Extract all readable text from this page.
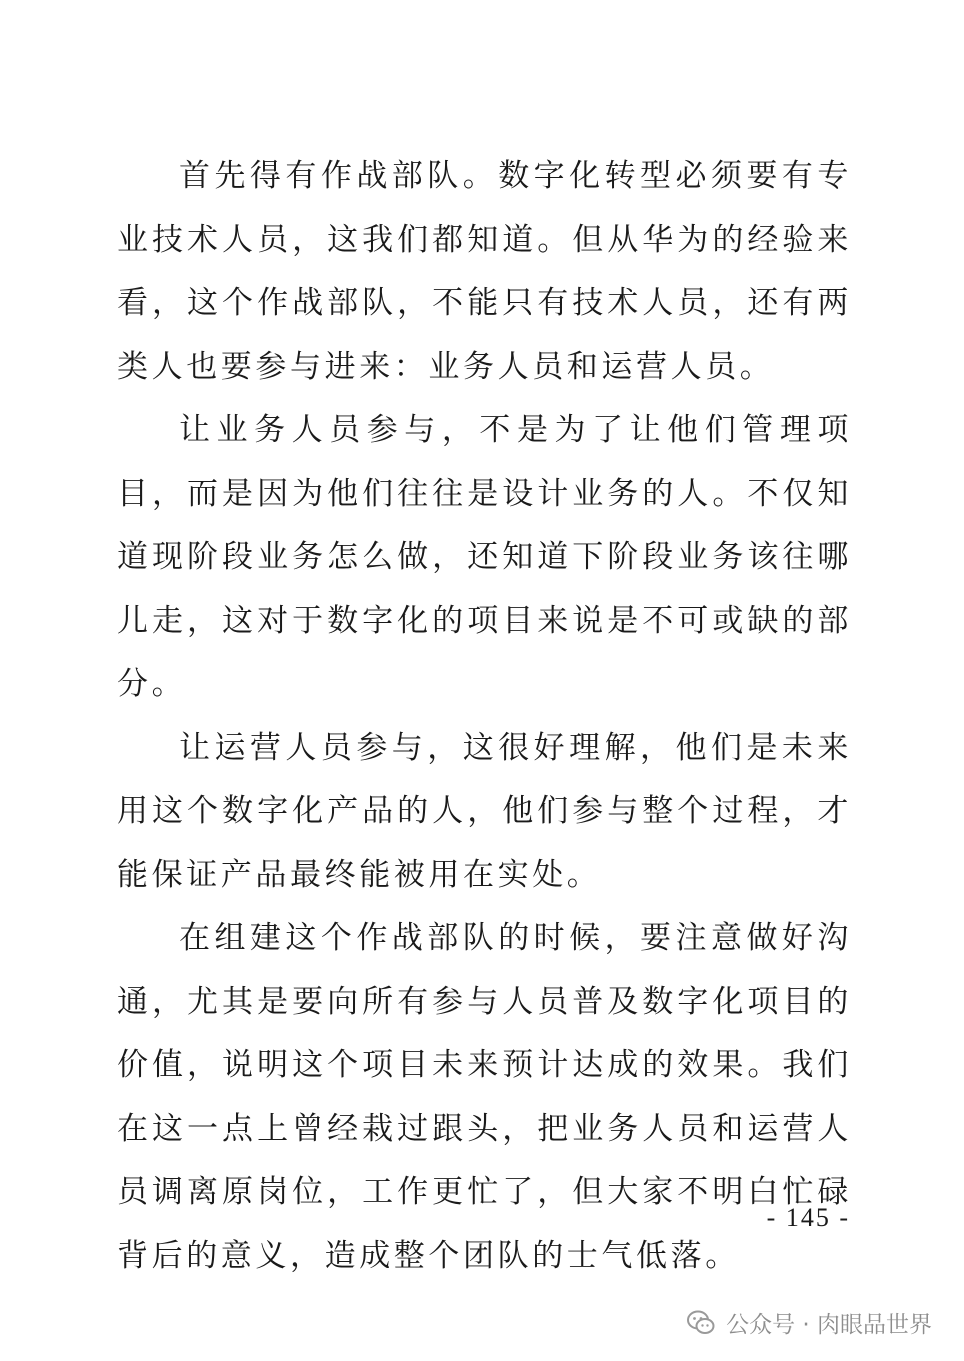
首先得有作战部队。数字化转型必须要有专业技术人员，这我们都知道。但从华为的经验来看，这个作战部队，不能只有技术人员，还有两类人也要参与进来：业务人员和运营人员。

让业务人员参与，不是为了让他们管理项目，而是因为他们往往是设计业务的人。不仅知道现阶段业务怎么做，还知道下阶段业务该往哪儿走，这对于数字化的项目来说是不可或缺的部分。

让运营人员参与，这很好理解，他们是未来用这个数字化产品的人，他们参与整个过程，才能保证产品最终能被用在实处。

在组建这个作战部队的时候，要注意做好沟通，尤其是要向所有参与人员普及数字化项目的价值，说明这个项目未来预计达成的效果。我们在这一点上曾经栽过跟头，把业务人员和运营人员调离原岗位，工作更忙了，但大家不明白忙碌背后的意义，造成整个团队的士气低落。

- 145 -
公众号 · 肉眼品世界
